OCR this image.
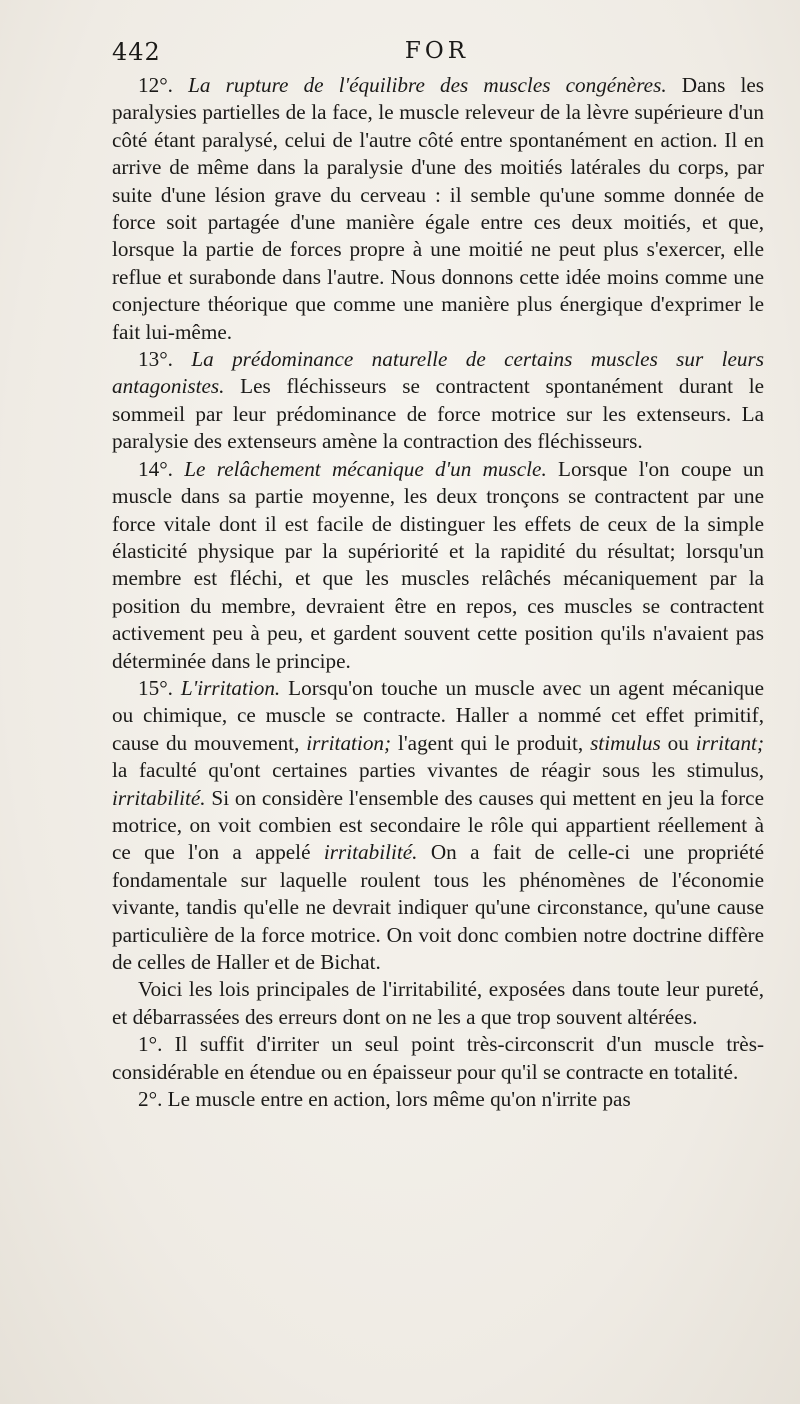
442	FOR

12°. La rupture de l'équilibre des muscles congénères. Dans les paralysies partielles de la face, le muscle releveur de la lèvre supérieure d'un côté étant paralysé, celui de l'autre côté entre spontanément en action. Il en arrive de même dans la paralysie d'une des moitiés latérales du corps, par suite d'une lésion grave du cerveau : il semble qu'une somme donnée de force soit partagée d'une manière égale entre ces deux moitiés, et que, lorsque la partie de forces propre à une moitié ne peut plus s'exercer, elle reflue et surabonde dans l'autre. Nous donnons cette idée moins comme une conjecture théorique que comme une manière plus énergique d'exprimer le fait lui-même.

13°. La prédominance naturelle de certains muscles sur leurs antagonistes. Les fléchisseurs se contractent spontanément durant le sommeil par leur prédominance de force motrice sur les extenseurs. La paralysie des extenseurs amène la contraction des fléchisseurs.

14°. Le relâchement mécanique d'un muscle. Lorsque l'on coupe un muscle dans sa partie moyenne, les deux tronçons se contractent par une force vitale dont il est facile de distinguer les effets de ceux de la simple élasticité physique par la supériorité et la rapidité du résultat; lorsqu'un membre est fléchi, et que les muscles relâchés mécaniquement par la position du membre, devraient être en repos, ces muscles se contractent activement peu à peu, et gardent souvent cette position qu'ils n'avaient pas déterminée dans le principe.

15°. L'irritation. Lorsqu'on touche un muscle avec un agent mécanique ou chimique, ce muscle se contracte. Haller a nommé cet effet primitif, cause du mouvement, irritation; l'agent qui le produit, stimulus ou irritant; la faculté qu'ont certaines parties vivantes de réagir sous les stimulus, irritabilité. Si on considère l'ensemble des causes qui mettent en jeu la force motrice, on voit combien est secondaire le rôle qui appartient réellement à ce que l'on a appelé irritabilité. On a fait de celle-ci une propriété fondamentale sur laquelle roulent tous les phénomènes de l'économie vivante, tandis qu'elle ne devrait indiquer qu'une circonstance, qu'une cause particulière de la force motrice. On voit donc combien notre doctrine diffère de celles de Haller et de Bichat.

Voici les lois principales de l'irritabilité, exposées dans toute leur pureté, et débarrassées des erreurs dont on ne les a que trop souvent altérées.

1°. Il suffit d'irriter un seul point très-circonscrit d'un muscle très-considérable en étendue ou en épaisseur pour qu'il se contracte en totalité.

2°. Le muscle entre en action, lors même qu'on n'irrite pas
